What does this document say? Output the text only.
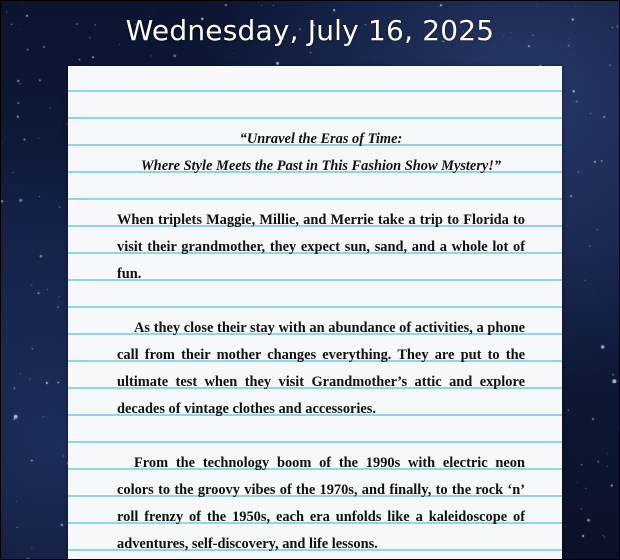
Wednesday, July 16, 2025

“Unravel the Eras of Time:

Where Style Meets the Past in This Fashion Show Mystery!”

When triplets Maggie, Millie, and Merrie take a trip to Florida to visit their grandmother, they expect sun, sand, and a whole lot of fun.

As they close their stay with an abundance of activities, a phone call from their mother changes everything. They are put to the ultimate test when they visit Grandmother’s attic and explore decades of vintage clothes and accessories.

From the technology boom of the 1990s with electric neon colors to the groovy vibes of the 1970s, and finally, to the rock ‘n’ roll frenzy of the 1950s, each era unfolds like a kaleidoscope of adventures, self-discovery, and life lessons.
